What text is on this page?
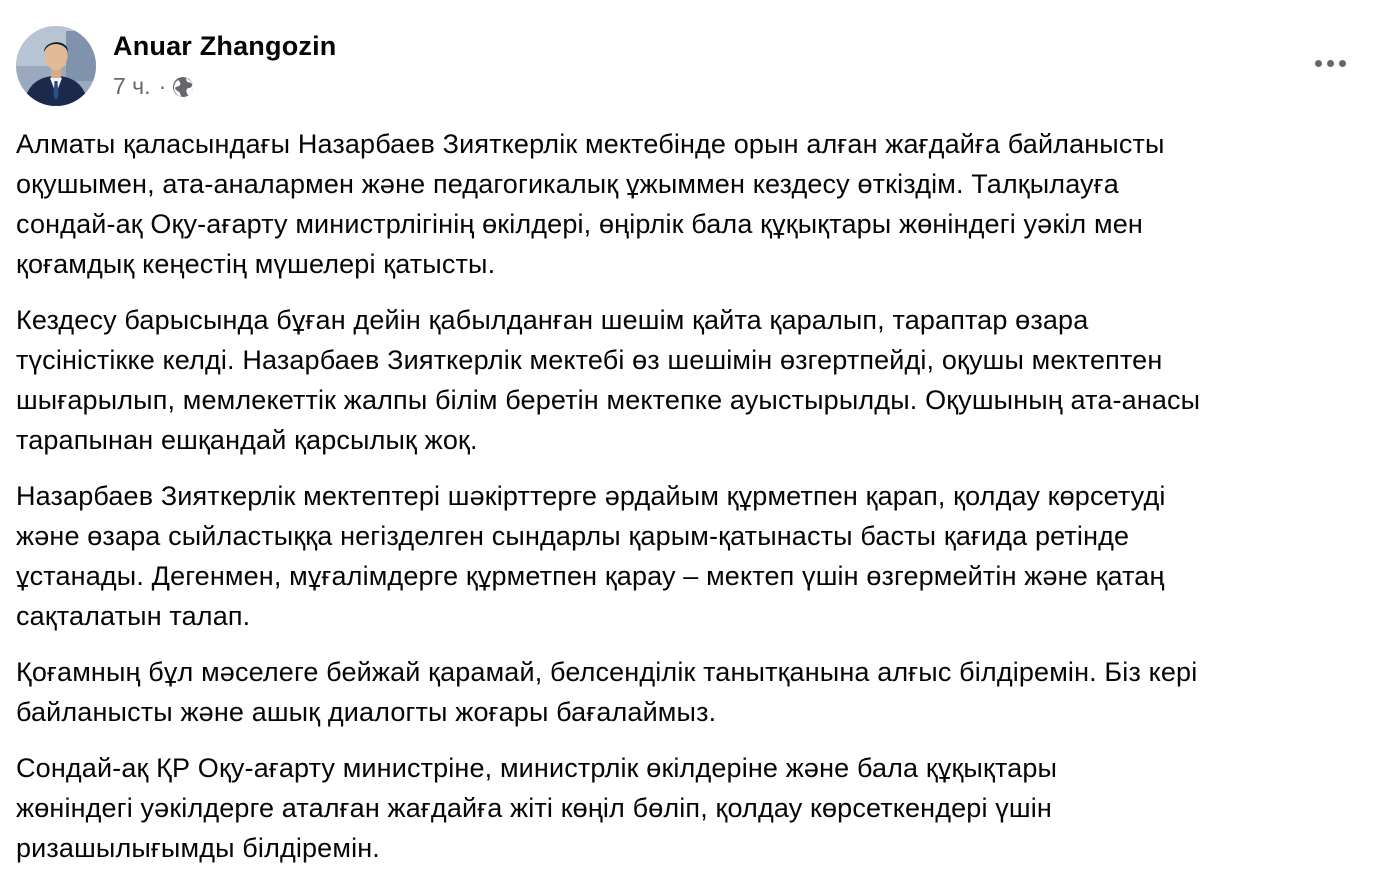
Anuar Zhangozin
7 ч. ·

Алматы қаласындағы Назарбаев Зияткерлік мектебінде орын алған жағдайға байланысты
оқушымен, ата-аналармен және педагогикалық ұжыммен кездесу өткіздім. Талқылауға
сондай-ақ Оқу-ағарту министрлігінің өкілдері, өңірлік бала құқықтары жөніндегі уәкіл мен
қоғамдық кеңестің мүшелері қатысты.

Кездесу барысында бұған дейін қабылданған шешім қайта қаралып, тараптар өзара
түсіністікке келді. Назарбаев Зияткерлік мектебі өз шешімін өзгертпейді, оқушы мектептен
шығарылып, мемлекеттік жалпы білім беретін мектепке ауыстырылды. Оқушының ата-анасы
тарапынан ешқандай қарсылық жоқ.

Назарбаев Зияткерлік мектептері шәкірттерге әрдайым құрметпен қарап, қолдау көрсетуді
және өзара сыйластыққа негізделген сындарлы қарым-қатынасты басты қағида ретінде
ұстанады. Дегенмен, мұғалімдерге құрметпен қарау – мектеп үшін өзгермейтін және қатаң
сақталатын талап.

Қоғамның бұл мәселеге бейжай қарамай, белсенділік танытқанына алғыс білдіремін. Біз кері
байланысты және ашық диалогты жоғары бағалаймыз.

Сондай-ақ ҚР Оқу-ағарту министріне, министрлік өкілдеріне және бала құқықтары
жөніндегі уәкілдерге аталған жағдайға жіті көңіл бөліп, қолдау көрсеткендері үшін
ризашылығымды білдіремін.
